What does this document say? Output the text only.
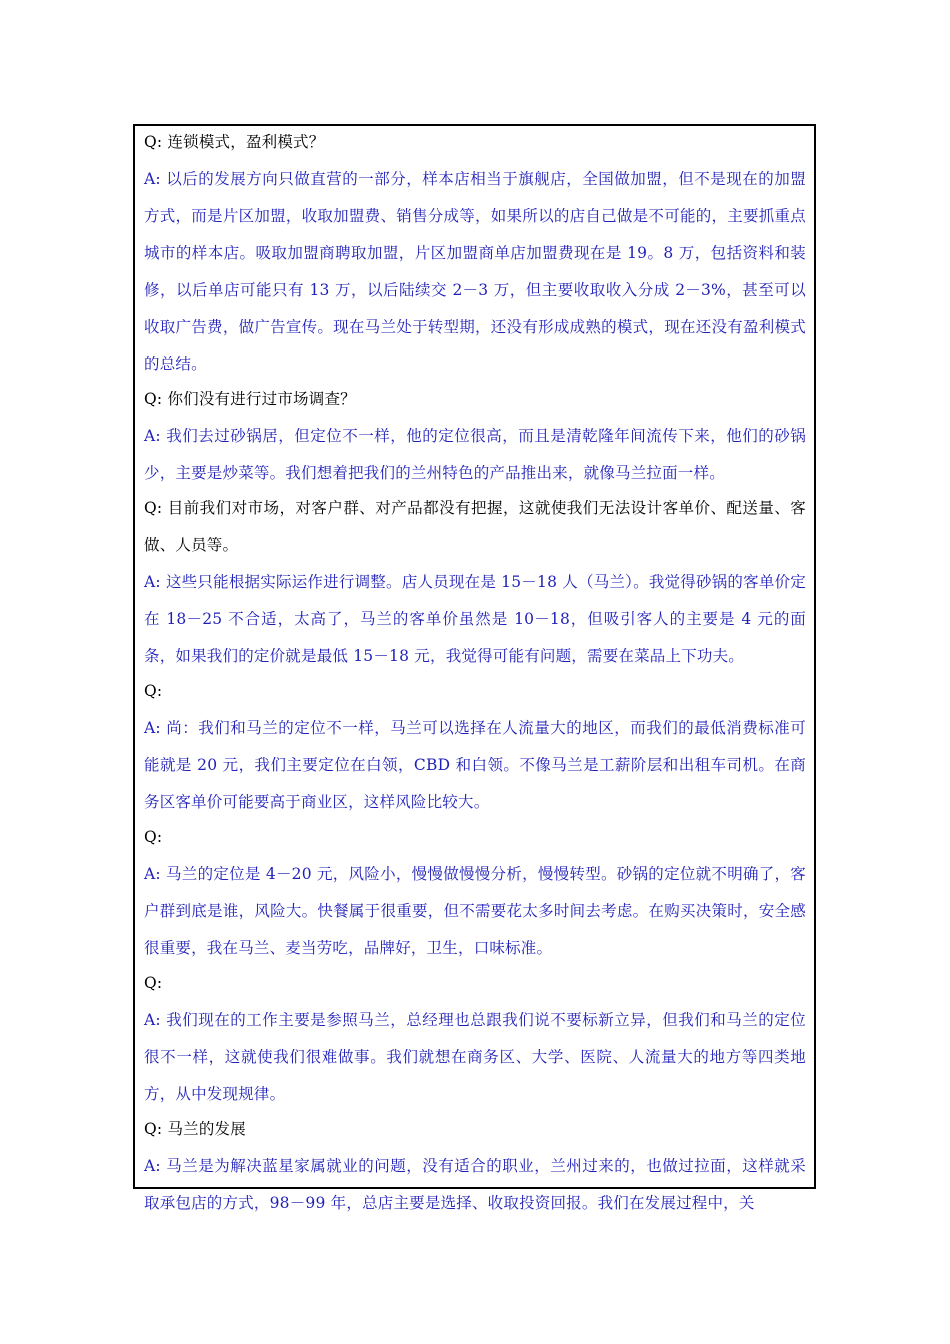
Q: 连锁模式，盈利模式？

A: 以后的发展方向只做直营的一部分，样本店相当于旗舰店，全国做加盟，但不是现在的加盟方式，而是片区加盟，收取加盟费、销售分成等，如果所以的店自己做是不可能的，主要抓重点城市的样本店。吸取加盟商聘取加盟，片区加盟商单店加盟费现在是 19。8 万，包括资料和装修，以后单店可能只有 13 万，以后陆续交 2－3 万，但主要收取收入分成 2－3%，甚至可以收取广告费，做广告宣传。现在马兰处于转型期，还没有形成成熟的模式，现在还没有盈利模式的总结。

Q: 你们没有进行过市场调查？

A: 我们去过砂锅居，但定位不一样，他的定位很高，而且是清乾隆年间流传下来，他们的砂锅少，主要是炒菜等。我们想着把我们的兰州特色的产品推出来，就像马兰拉面一样。

Q: 目前我们对市场，对客户群、对产品都没有把握，这就使我们无法设计客单价、配送量、客做、人员等。

A: 这些只能根据实际运作进行调整。店人员现在是 15－18 人（马兰）。我觉得砂锅的客单价定在 18－25 不合适，太高了，马兰的客单价虽然是 10－18，但吸引客人的主要是 4 元的面条，如果我们的定价就是最低 15－18 元，我觉得可能有问题，需要在菜品上下功夫。

Q:

A: 尚：我们和马兰的定位不一样，马兰可以选择在人流量大的地区，而我们的最低消费标准可能就是 20 元，我们主要定位在白领，CBD 和白领。不像马兰是工薪阶层和出租车司机。在商务区客单价可能要高于商业区，这样风险比较大。

Q:

A: 马兰的定位是 4－20 元，风险小，慢慢做慢慢分析，慢慢转型。砂锅的定位就不明确了，客户群到底是谁，风险大。快餐属于很重要，但不需要花太多时间去考虑。在购买决策时，安全感很重要，我在马兰、麦当劳吃，品牌好，卫生，口味标准。

Q:

A: 我们现在的工作主要是参照马兰，总经理也总跟我们说不要标新立异，但我们和马兰的定位很不一样，这就使我们很难做事。我们就想在商务区、大学、医院、人流量大的地方等四类地方，从中发现规律。

Q: 马兰的发展

A: 马兰是为解决蓝星家属就业的问题，没有适合的职业，兰州过来的，也做过拉面，这样就采取承包店的方式，98－99 年，总店主要是选择、收取投资回报。我们在发展过程中，关
